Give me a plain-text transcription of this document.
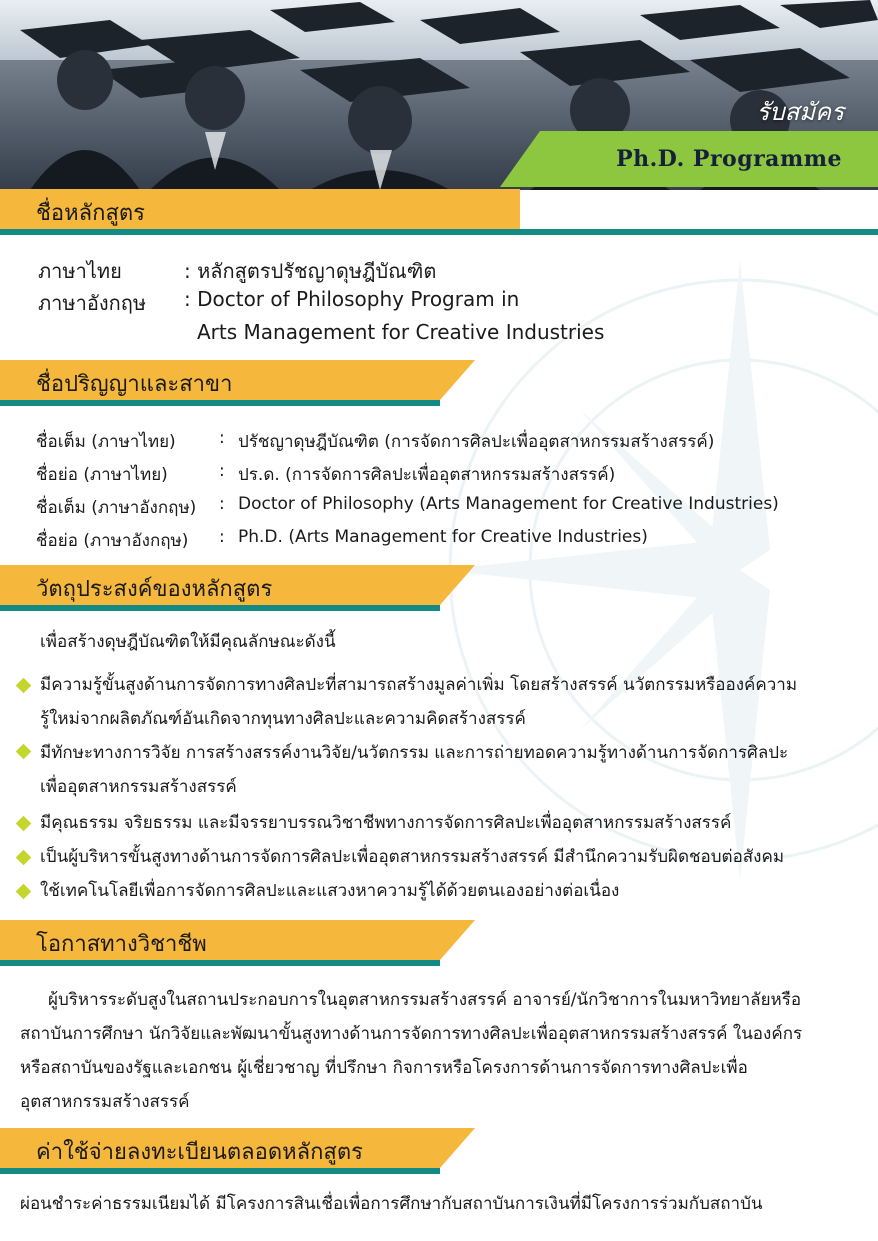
รับสมัคร
Ph.D. Programme
ชื่อหลักสูตร
ภาษาไทย	: หลักสูตรปรัชญาดุษฎีบัณฑิต
ภาษาอังกฤษ : Doctor of Philosophy Program in
Arts Management for Creative Industries
ชื่อปริญญาและสาขา
ชื่อเต็ม (ภาษาไทย)	: ปรัชญาดุษฎีบัณฑิต (การจัดการศิลปะเพื่ออุตสาหกรรมสร้างสรรค์)
ชื่อย่อ (ภาษาไทย)	: ปร.ด. (การจัดการศิลปะเพื่ออุตสาหกรรมสร้างสรรค์)
ชื่อเต็ม (ภาษาอังกฤษ) : Doctor of Philosophy (Arts Management for Creative Industries)
ชื่อย่อ (ภาษาอังกฤษ) : Ph.D. (Arts Management for Creative Industries)
วัตถุประสงค์ของหลักสูตร
เพื่อสร้างดุษฎีบัณฑิตให้มีคุณลักษณะดังนี้
มีความรู้ขั้นสูงด้านการจัดการทางศิลปะที่สามารถสร้างมูลค่าเพิ่ม โดยสร้างสรรค์ นวัตกรรมหรือองค์ความ
รู้ใหม่จากผลิตภัณฑ์อันเกิดจากทุนทางศิลปะและความคิดสร้างสรรค์
มีทักษะทางการวิจัย การสร้างสรรค์งานวิจัย/นวัตกรรม และการถ่ายทอดความรู้ทางด้านการจัดการศิลปะ
เพื่ออุตสาหกรรมสร้างสรรค์
มีคุณธรรม จริยธรรม และมีจรรยาบรรณวิชาชีพทางการจัดการศิลปะเพื่ออุตสาหกรรมสร้างสรรค์
เป็นผู้บริหารขั้นสูงทางด้านการจัดการศิลปะเพื่ออุตสาหกรรมสร้างสรรค์ มีสำนึกความรับผิดชอบต่อสังคม
ใช้เทคโนโลยีเพื่อการจัดการศิลปะและแสวงหาความรู้ได้ด้วยตนเองอย่างต่อเนื่อง
โอกาสทางวิชาชีพ
ผู้บริหารระดับสูงในสถานประกอบการในอุตสาหกรรมสร้างสรรค์ อาจารย์/นักวิชาการในมหาวิทยาลัยหรือ
สถาบันการศึกษา นักวิจัยและพัฒนาขั้นสูงทางด้านการจัดการทางศิลปะเพื่ออุตสาหกรรมสร้างสรรค์ ในองค์กร
หรือสถาบันของรัฐและเอกชน ผู้เชี่ยวชาญ ที่ปรึกษา กิจการหรือโครงการด้านการจัดการทางศิลปะเพื่อ
อุตสาหกรรมสร้างสรรค์
ค่าใช้จ่ายลงทะเบียนตลอดหลักสูตร
ผ่อนชำระค่าธรรมเนียมได้ มีโครงการสินเชื่อเพื่อการศึกษากับสถาบันการเงินที่มีโครงการร่วมกับสถาบัน
